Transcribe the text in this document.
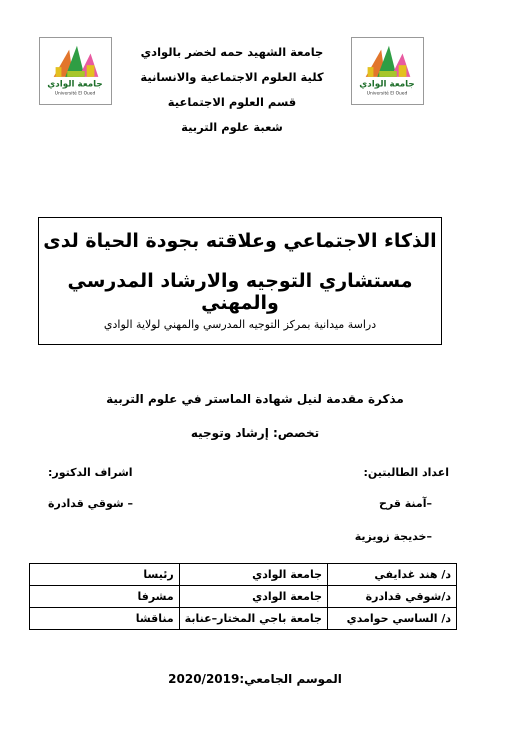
جامعة الوادي
Université El Oued
جامعة الوادي
Université El Oued
جامعة الشهيد حمه لخضر بالوادي
كلية العلوم الاجتماعية والانسانية
قسم العلوم الاجتماعية
شعبة علوم التربية
الذكاء الاجتماعي وعلاقته بجودة الحياة لدى
مستشاري التوجيه والارشاد المدرسي والمهني
دراسة ميدانية بمركز التوجيه المدرسي والمهني لولاية الوادي
مذكرة مقدمة لنيل شهادة الماستر في علوم التربية
تخصص: إرشاد وتوجيه
اعداد الطالبتين:
اشراف الدكتور:
–آمنة قرح
– شوقي قدادرة
–خديجة زويزية
د/ هند غدايفي	جامعة الوادي	رئيسا
د/شوقي قدادرة	جامعة الوادي	مشرفا
د/ الساسي حوامدي	جامعة باجي المختار–عنابة	مناقشا
الموسم الجامعي:2020/2019
